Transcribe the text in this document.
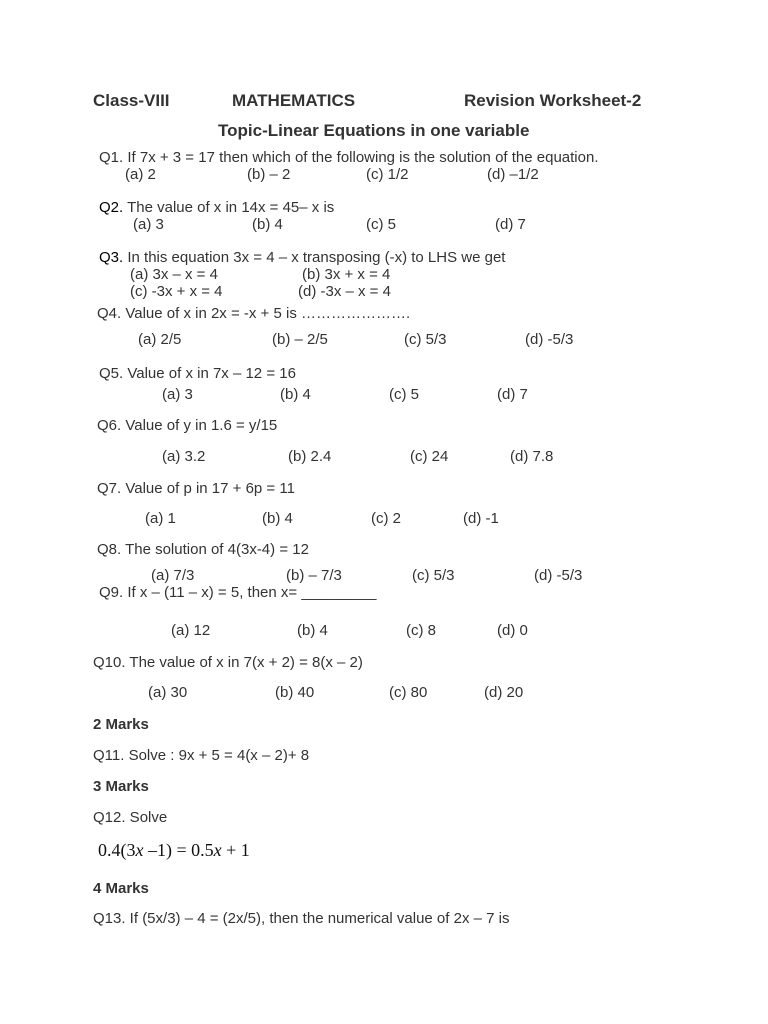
Class-VIII	MATHEMATICS	Revision Worksheet-2
Topic-Linear Equations in one variable
Q1. If 7x + 3 = 17 then which of the following is the solution of the equation.
(a) 2	(b) – 2	(c) 1/2	(d) –1/2
Q2. The value of x in 14x = 45– x is
(a) 3	(b) 4	(c) 5	(d) 7
Q3. In this equation 3x = 4 – x transposing (-x) to LHS we get
(a) 3x – x = 4	(b) 3x + x = 4
(c) -3x + x = 4	(d) -3x – x = 4
Q4. Value of x in 2x = -x + 5 is ………………….
(a) 2/5	(b) – 2/5	(c) 5/3	(d) -5/3
Q5. Value of x in 7x – 12 = 16
(a) 3	(b) 4	(c) 5	(d) 7
Q6. Value of y in 1.6 = y/15
(a) 3.2	(b) 2.4	(c) 24	(d) 7.8
Q7. Value of p in 17 + 6p = 11
(a) 1	(b) 4	(c) 2	(d) -1
Q8. The solution of 4(3x-4) = 12
(a) 7/3	(b) – 7/3	(c) 5/3	(d) -5/3
Q9. If x – (11 – x) = 5, then x= _________
(a) 12	(b) 4	(c) 8	(d) 0
Q10. The value of x in 7(x + 2) = 8(x – 2)
(a) 30	(b) 40	(c) 80	(d) 20
2 Marks
Q11. Solve : 9x + 5 = 4(x – 2)+ 8
3 Marks
Q12. Solve
0.4(3x –1) = 0.5x + 1
4 Marks
Q13. If (5x/3) – 4 = (2x/5), then the numerical value of 2x – 7 is
